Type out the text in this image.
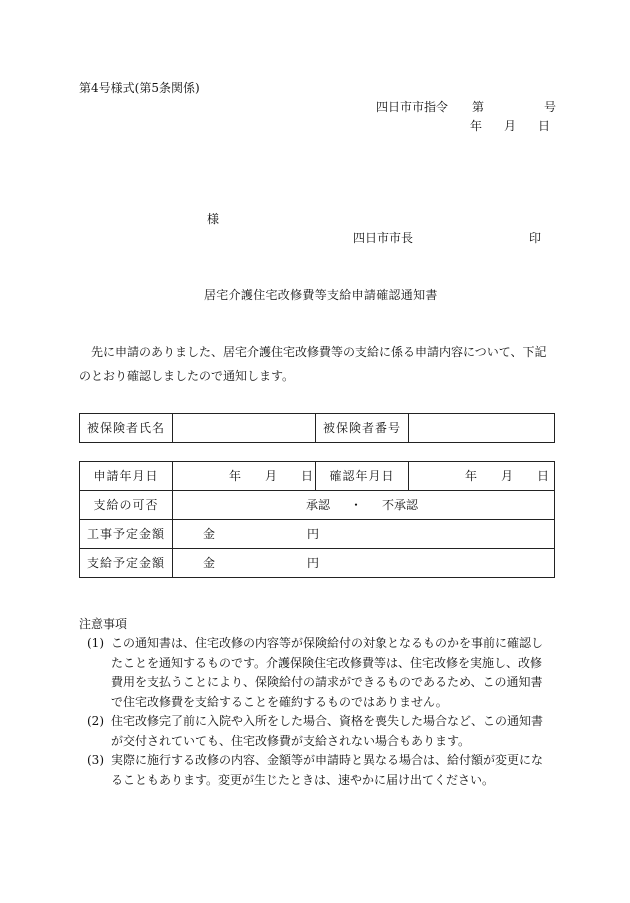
第4号様式(第5条関係)
四日市市指令 第	号
年 月 日
様
四日市市長	印
居宅介護住宅改修費等支給申請確認通知書

先に申請のありました、居宅介護住宅改修費等の支給に係る申請内容について、下記のとおり確認しましたので通知します。

被保険者氏名		被保険者番号	
申請年月日	年 月 日	確認年月日	年 月 日
支給の可否	承認 ・ 不承認		
工事予定金額	金 円		
支給予定金額	金 円		
注意事項
(1) この通知書は、住宅改修の内容等が保険給付の対象となるものかを事前に確認したことを通知するものです。介護保険住宅改修費等は、住宅改修を実施し、改修費用を支払うことにより、保険給付の請求ができるものであるため、この通知書で住宅改修費を支給することを確約するものではありません。
(2) 住宅改修完了前に入院や入所をした場合、資格を喪失した場合など、この通知書が交付されていても、住宅改修費が支給されない場合もあります。
(3) 実際に施行する改修の内容、金額等が申請時と異なる場合は、給付額が変更になることもあります。変更が生じたときは、速やかに届け出てください。
